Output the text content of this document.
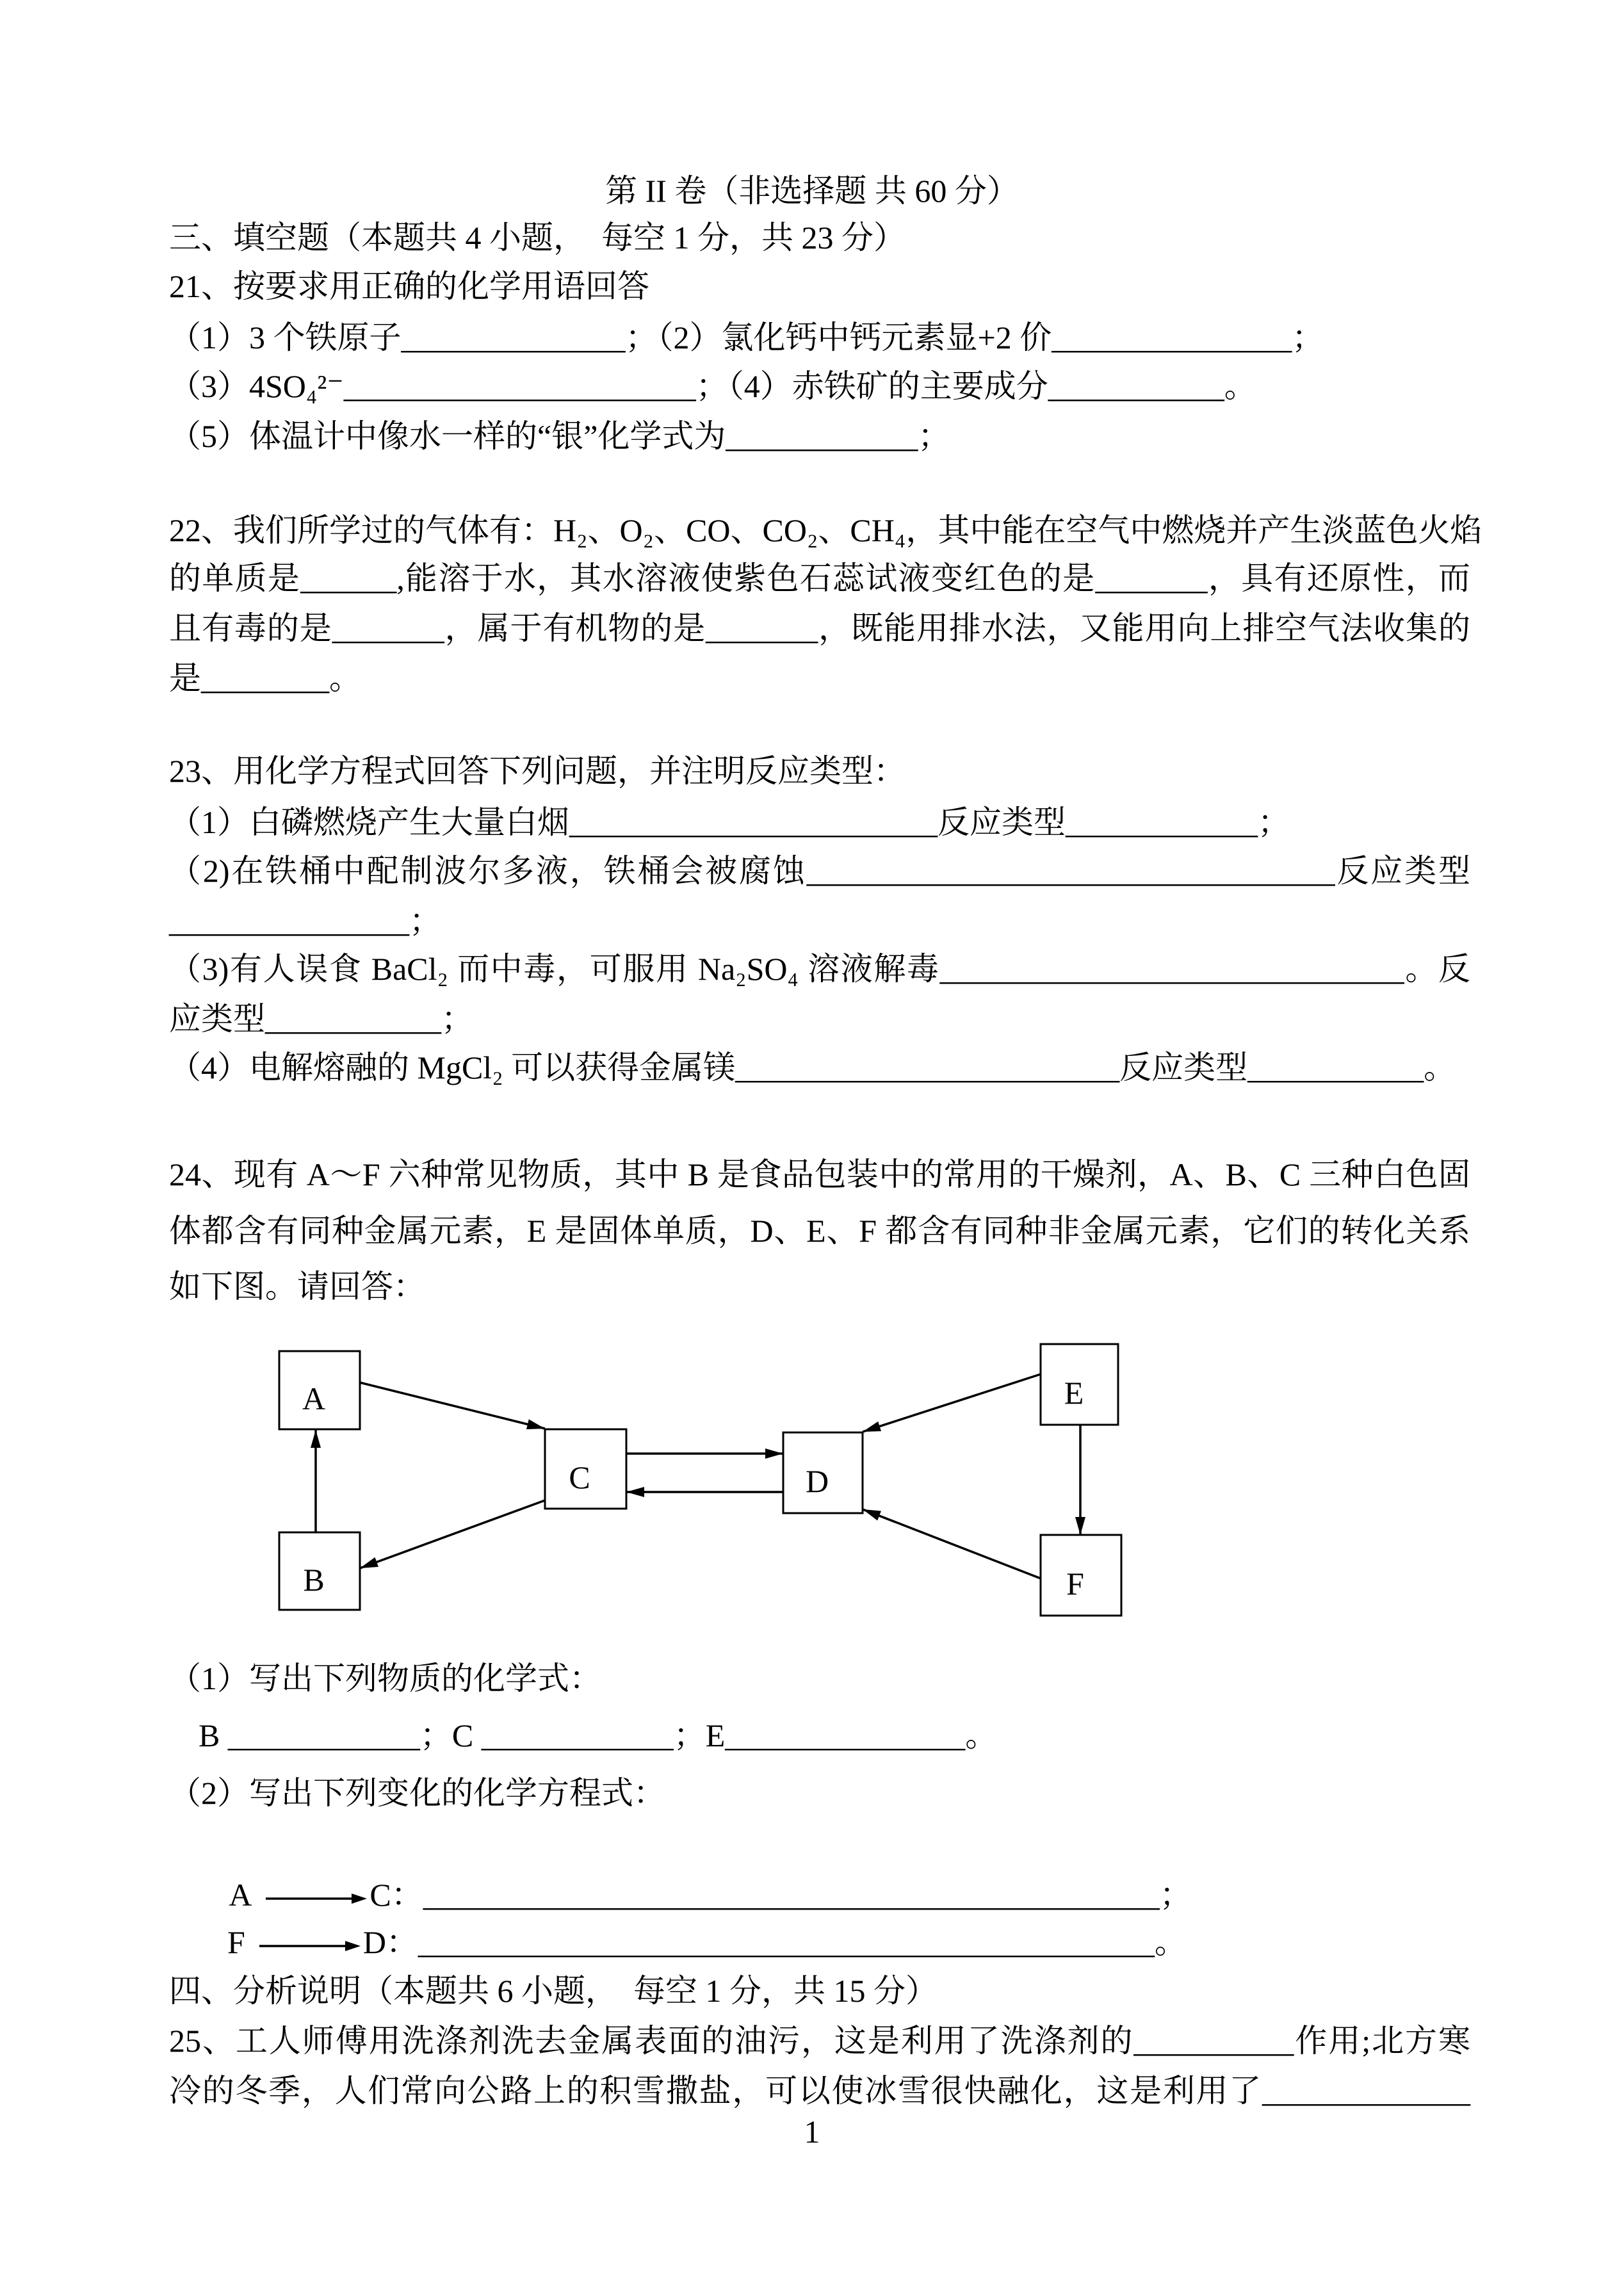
第 II 卷（非选择题 共 60 分）
三、填空题（本题共 4 小题，  每空 1 分，共 23 分）
21、按要求用正确的化学用语回答
（1）3 个铁原子______________；（2）氯化钙中钙元素显+2 价_______________；
（3）4SO₄²⁻______________________；（4）赤铁矿的主要成分___________。
（5）体温计中像水一样的“银”化学式为____________；
22、我们所学过的气体有：H₂、O₂、CO、CO₂、CH₄，其中能在空气中燃烧并产生淡蓝色火焰
的单质是______,能溶于水，其水溶液使紫色石蕊试液变红色的是_______，具有还原性，而
且有毒的是_______，属于有机物的是_______，既能用排水法，又能用向上排空气法收集的
是________。
23、用化学方程式回答下列问题，并注明反应类型：
（1）白磷燃烧产生大量白烟_______________________反应类型____________；
（2)在铁桶中配制波尔多液，铁桶会被腐蚀_________________________________反应类型
_______________；
（3)有人误食 BaCl₂ 而中毒，可服用 Na₂SO₄ 溶液解毒_____________________________。反
应类型___________；
（4）电解熔融的 MgCl₂ 可以获得金属镁________________________反应类型___________。
24、现有 A～F 六种常见物质，其中 B 是食品包装中的常用的干燥剂，A、B、C 三种白色固
体都含有同种金属元素，E 是固体单质，D、E、F 都含有同种非金属元素，它们的转化关系
如下图。请回答：
A
B
C	D
E
F
（1）写出下列物质的化学式：
B ____________；C ____________；E_______________。
（2）写出下列变化的化学方程式：

A	C：______________________________________________；

F	D：______________________________________________。

四、分析说明（本题共 6 小题，  每空 1 分，共 15 分）
25、工人师傅用洗涤剂洗去金属表面的油污，这是利用了洗涤剂的__________作用;北方寒
冷的冬季，人们常向公路上的积雪撒盐，可以使冰雪很快融化，这是利用了_____________
1
